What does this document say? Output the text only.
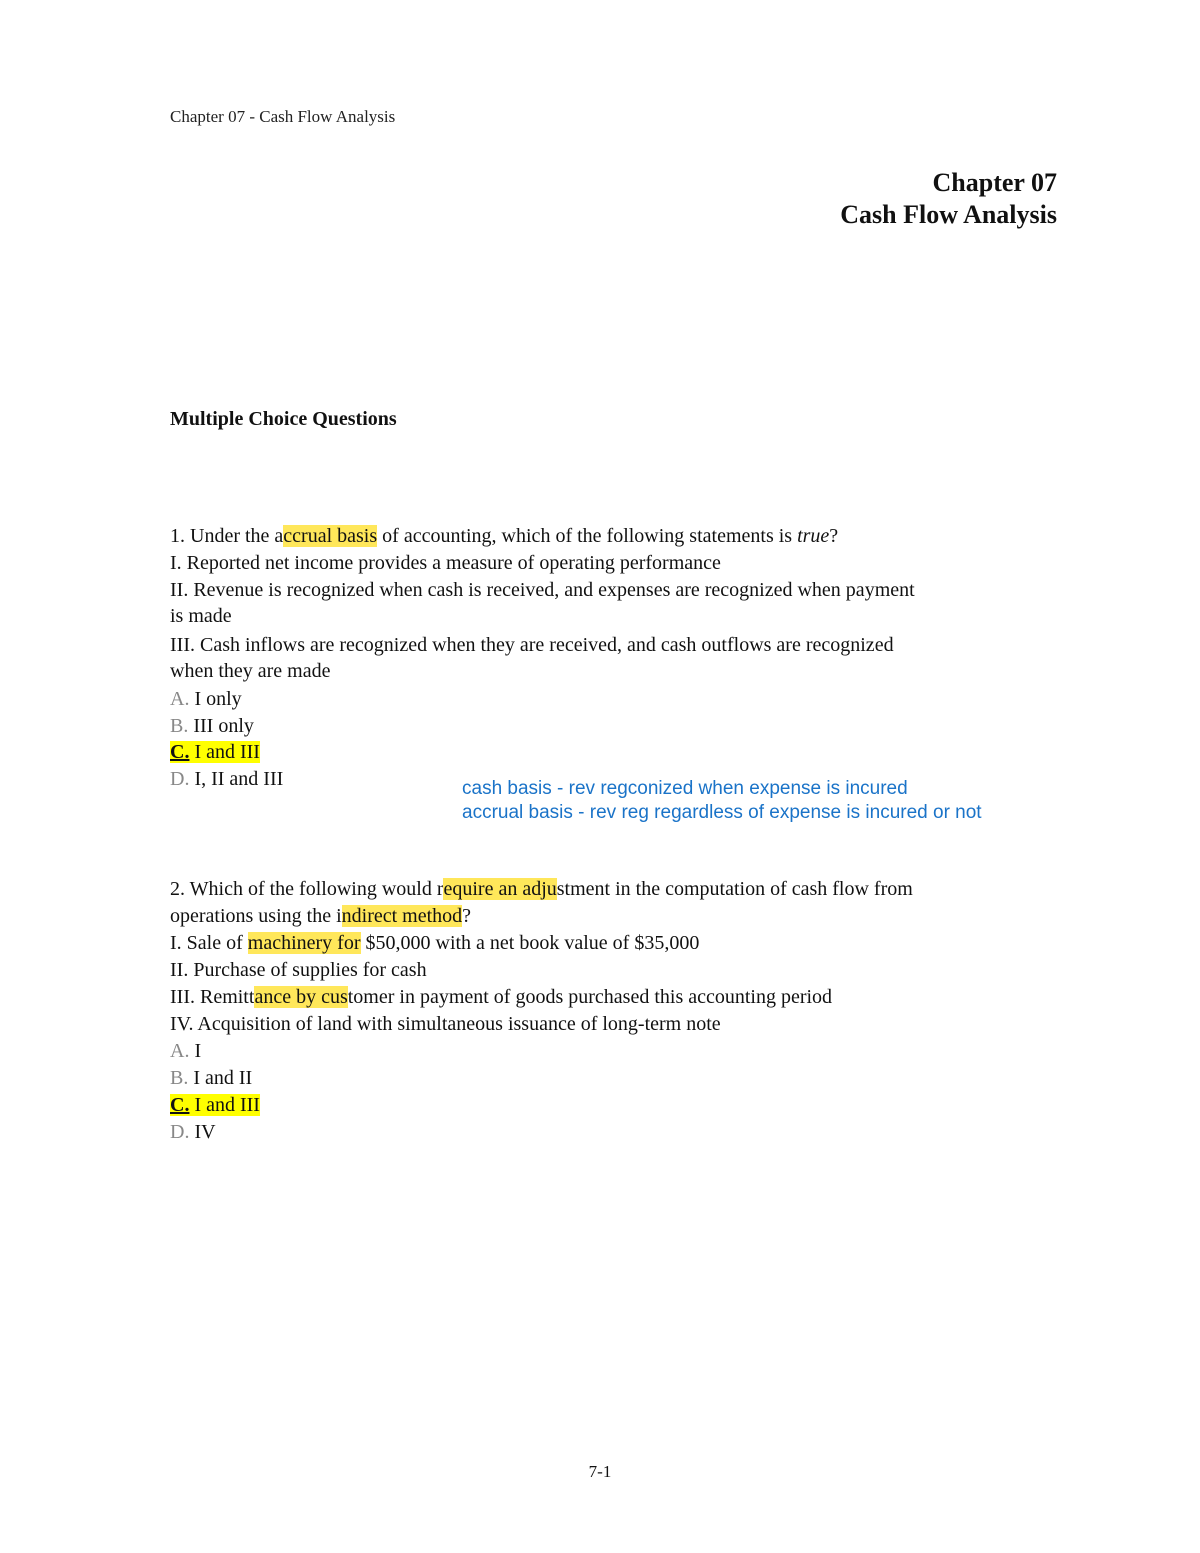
Chapter 07 - Cash Flow Analysis
Chapter 07
Cash Flow Analysis
Multiple Choice Questions
1. Under the accrual basis of accounting, which of the following statements is true?
I. Reported net income provides a measure of operating performance
II. Revenue is recognized when cash is received, and expenses are recognized when payment
is made
III. Cash inflows are recognized when they are received, and cash outflows are recognized
when they are made
A. I only
B. III only
C. I and III
D. I, II and III	cash basis - rev regconized when expense is incured
accrual basis - rev reg regardless of expense is incured or not
2. Which of the following would require an adjustment in the computation of cash flow from
operations using the indirect method?
I. Sale of machinery for $50,000 with a net book value of $35,000
II. Purchase of supplies for cash
III. Remittance by customer in payment of goods purchased this accounting period
IV. Acquisition of land with simultaneous issuance of long-term note
A. I
B. I and II
C. I and III
D. IV
7-1
